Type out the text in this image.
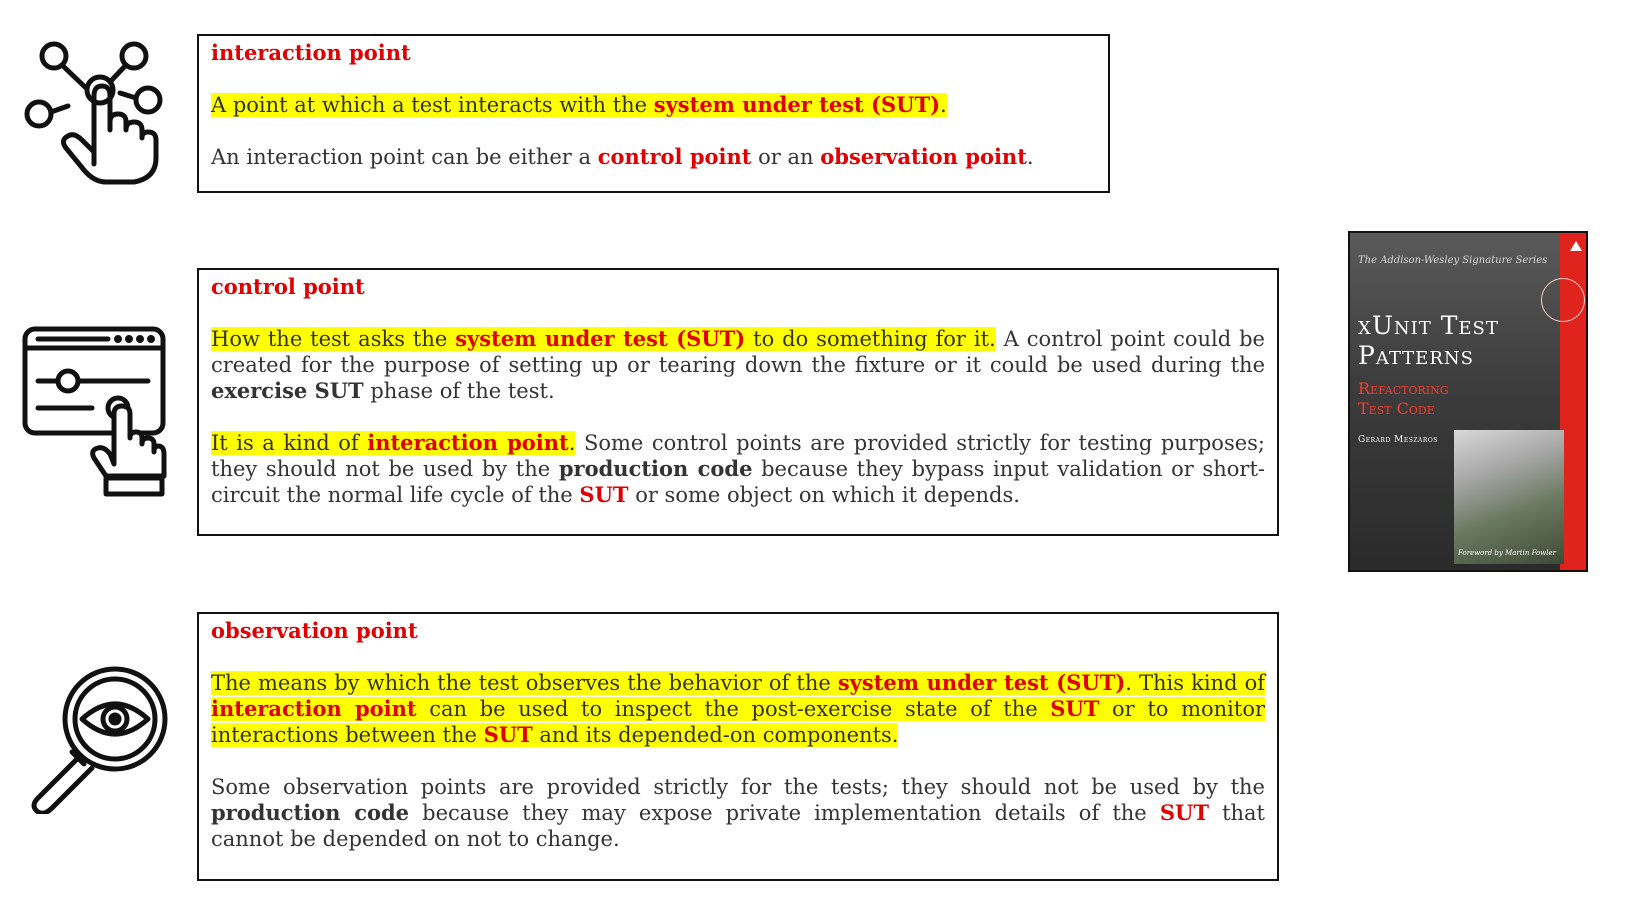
interaction point

A point at which a test interacts with the system under test (SUT).

An interaction point can be either a control point or an observation point.

control point

How the test asks the system under test (SUT) to do something for it. A control point could be created for the purpose of setting up or tearing down the fixture or it could be used during the exercise SUT phase of the test.

It is a kind of interaction point. Some control points are provided strictly for testing purposes; they should not be used by the production code because they bypass input validation or short-circuit the normal life cycle of the SUT or some object on which it depends.

The Addison-Wesley Signature Series
xUnit Test
Patterns
Refactoring
Test Code
Gerard Meszaros
Foreword by Martin Fowler
observation point

The means by which the test observes the behavior of the system under test (SUT). This kind of interaction point can be used to inspect the post-exercise state of the SUT or to monitor interactions between the SUT and its depended-on components.

Some observation points are provided strictly for the tests; they should not be used by the production code because they may expose private implementation details of the SUT that cannot be depended on not to change.
